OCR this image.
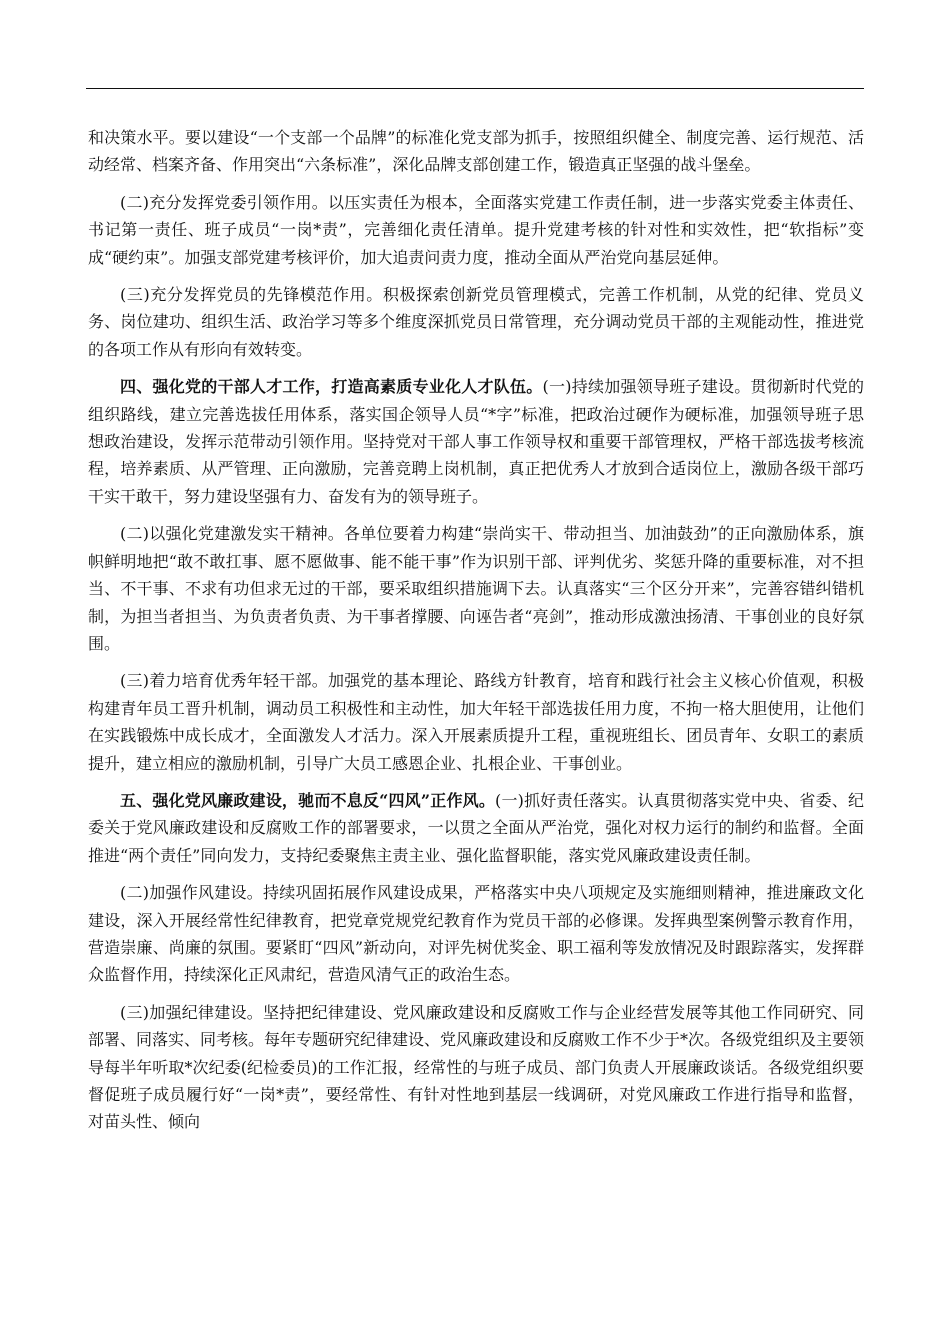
和决策水平。要以建设“一个支部一个品牌”的标准化党支部为抓手，按照组织健全、制度完善、运行规范、活动经常、档案齐备、作用突出“六条标准”，深化品牌支部创建工作，锻造真正坚强的战斗堡垒。

(二)充分发挥党委引领作用。以压实责任为根本，全面落实党建工作责任制，进一步落实党委主体责任、书记第一责任、班子成员“一岗*责”，完善细化责任清单。提升党建考核的针对性和实效性，把“软指标”变成“硬约束”。加强支部党建考核评价，加大追责问责力度，推动全面从严治党向基层延伸。

(三)充分发挥党员的先锋模范作用。积极探索创新党员管理模式，完善工作机制，从党的纪律、党员义务、岗位建功、组织生活、政治学习等多个维度深抓党员日常管理，充分调动党员干部的主观能动性，推进党的各项工作从有形向有效转变。

四、强化党的干部人才工作，打造高素质专业化人才队伍。(一)持续加强领导班子建设。贯彻新时代党的组织路线，建立完善选拔任用体系，落实国企领导人员“*字”标准，把政治过硬作为硬标准，加强领导班子思想政治建设，发挥示范带动引领作用。坚持党对干部人事工作领导权和重要干部管理权，严格干部选拔考核流程，培养素质、从严管理、正向激励，完善竞聘上岗机制，真正把优秀人才放到合适岗位上，激励各级干部巧干实干敢干，努力建设坚强有力、奋发有为的领导班子。

(二)以强化党建激发实干精神。各单位要着力构建“崇尚实干、带动担当、加油鼓劲”的正向激励体系，旗帜鲜明地把“敢不敢扛事、愿不愿做事、能不能干事”作为识别干部、评判优劣、奖惩升降的重要标准，对不担当、不干事、不求有功但求无过的干部，要采取组织措施调下去。认真落实“三个区分开来”，完善容错纠错机制，为担当者担当、为负责者负责、为干事者撑腰、向诬告者“亮剑”，推动形成激浊扬清、干事创业的良好氛围。

(三)着力培育优秀年轻干部。加强党的基本理论、路线方针教育，培育和践行社会主义核心价值观，积极构建青年员工晋升机制，调动员工积极性和主动性，加大年轻干部选拔任用力度，不拘一格大胆使用，让他们在实践锻炼中成长成才，全面激发人才活力。深入开展素质提升工程，重视班组长、团员青年、女职工的素质提升，建立相应的激励机制，引导广大员工感恩企业、扎根企业、干事创业。

五、强化党风廉政建设，驰而不息反“四风”正作风。(一)抓好责任落实。认真贯彻落实党中央、省委、纪委关于党风廉政建设和反腐败工作的部署要求，一以贯之全面从严治党，强化对权力运行的制约和监督。全面推进“两个责任”同向发力，支持纪委聚焦主责主业、强化监督职能，落实党风廉政建设责任制。

(二)加强作风建设。持续巩固拓展作风建设成果，严格落实中央八项规定及实施细则精神，推进廉政文化建设，深入开展经常性纪律教育，把党章党规党纪教育作为党员干部的必修课。发挥典型案例警示教育作用，营造崇廉、尚廉的氛围。要紧盯“四风”新动向，对评先树优奖金、职工福利等发放情况及时跟踪落实，发挥群众监督作用，持续深化正风肃纪，营造风清气正的政治生态。

(三)加强纪律建设。坚持把纪律建设、党风廉政建设和反腐败工作与企业经营发展等其他工作同研究、同部署、同落实、同考核。每年专题研究纪律建设、党风廉政建设和反腐败工作不少于*次。各级党组织及主要领导每半年听取*次纪委(纪检委员)的工作汇报，经常性的与班子成员、部门负责人开展廉政谈话。各级党组织要督促班子成员履行好“一岗*责”，要经常性、有针对性地到基层一线调研，对党风廉政工作进行指导和监督，对苗头性、倾向
